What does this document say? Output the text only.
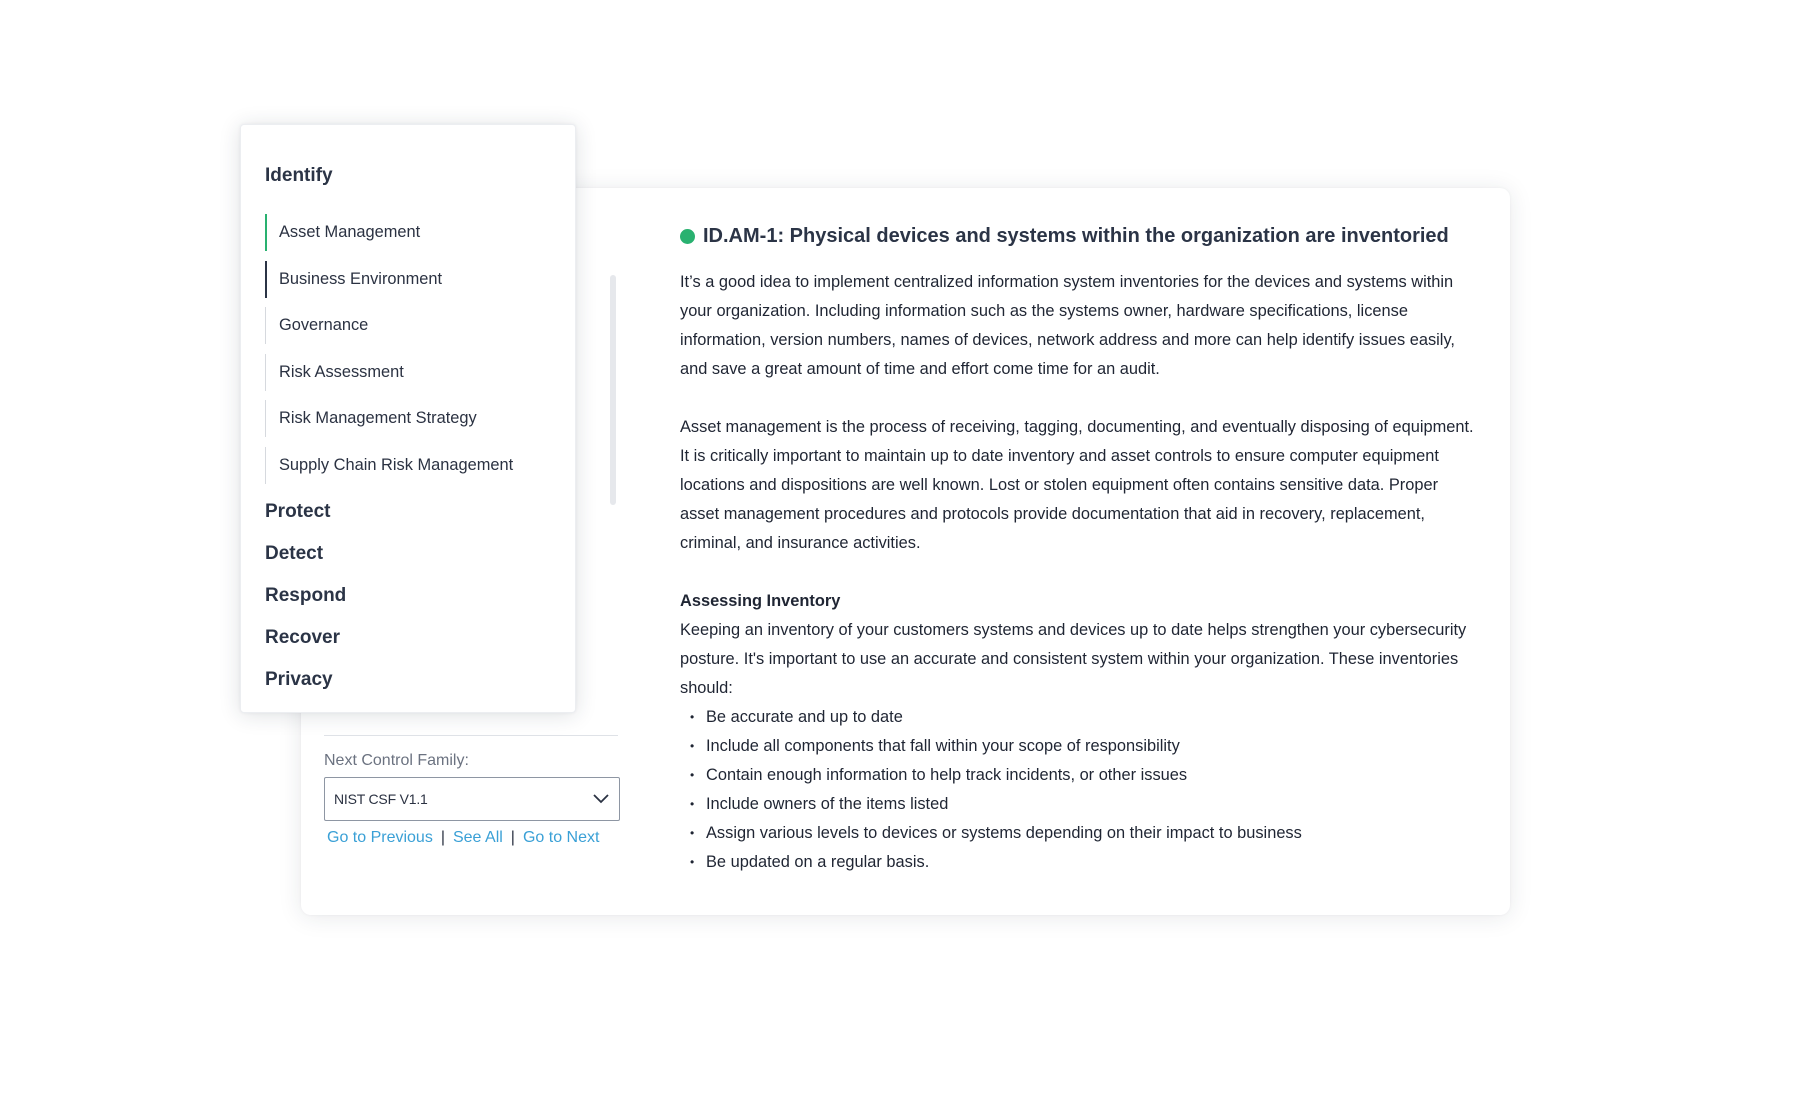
Next Control Family:
NIST CSF V1.1
Go to Previous | See All | Go to Next
ID.AM-1: Physical devices and systems within the organization are inventoried

It’s a good idea to implement centralized information system inventories for the devices and systems within your organization. Including information such as the systems owner, hardware specifications, license information, version numbers, names of devices, network address and more can help identify issues easily, and save a great amount of time and effort come time for an audit.

Asset management is the process of receiving, tagging, documenting, and eventually disposing of equipment. It is critically important to maintain up to date inventory and asset controls to ensure computer equipment locations and dispositions are well known. Lost or stolen equipment often contains sensitive data. Proper asset management procedures and protocols provide documentation that aid in recovery, replacement, criminal, and insurance activities.

Assessing Inventory

Keeping an inventory of your customers systems and devices up to date helps strengthen your cybersecurity posture. It's important to use an accurate and consistent system within your organization. These inventories should:

• Be accurate and up to date
• Include all components that fall within your scope of responsibility
• Contain enough information to help track incidents, or other issues
• Include owners of the items listed
• Assign various levels to devices or systems depending on their impact to business
• Be updated on a regular basis.
Identify
Asset Management
Business Environment
Governance
Risk Assessment
Risk Management Strategy
Supply Chain Risk Management
Protect
Detect
Respond
Recover
Privacy
